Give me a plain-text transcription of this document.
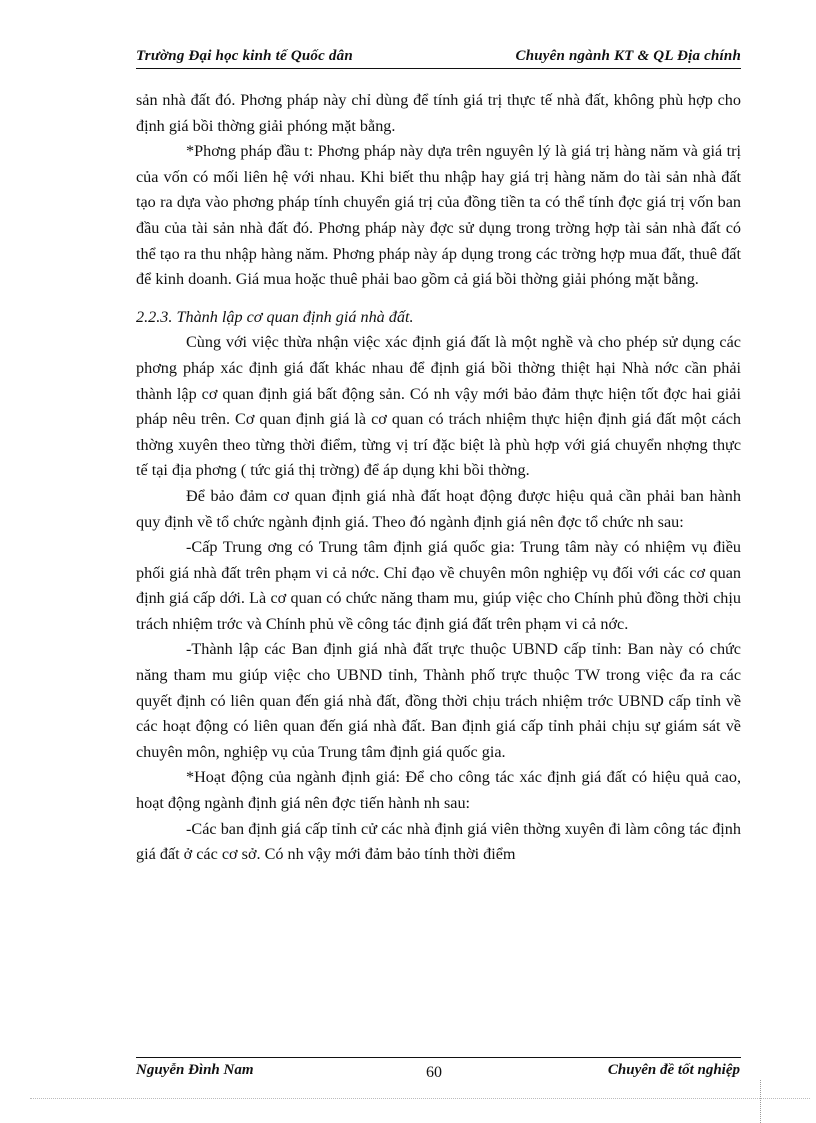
Trường Đại học kinh tế Quốc dân	Chuyên ngành KT & QL Địa chính

sản nhà đất đó. Phơng pháp này chỉ dùng để tính giá trị thực tế nhà đất, không phù hợp cho định giá bồi thờng giải phóng mặt bằng.

*Phơng pháp đầu t: Phơng pháp này dựa trên nguyên lý là giá trị hàng năm và giá trị của vốn có mối liên hệ với nhau. Khi biết thu nhập hay giá trị hàng năm do tài sản nhà đất tạo ra dựa vào phơng pháp tính chuyển giá trị của đồng tiền ta có thể tính đợc giá trị vốn ban đầu của tài sản nhà đất đó. Phơng pháp này đợc sử dụng trong trờng hợp tài sản nhà đất có thể tạo ra thu nhập hàng năm. Phơng pháp này áp dụng trong các trờng hợp mua đất, thuê đất để kinh doanh. Giá mua hoặc thuê phải bao gồm cả giá bồi thờng giải phóng mặt bằng.

2.2.3. Thành lập cơ quan định giá nhà đất.

Cùng với việc thừa nhận việc xác định giá đất là một nghề và cho phép sử dụng các phơng pháp xác định giá đất khác nhau để định giá bồi thờng thiệt hại Nhà nớc cần phải thành lập cơ quan định giá bất động sản. Có nh vậy mới bảo đảm thực hiện tốt đợc hai giải pháp nêu trên. Cơ quan định giá là cơ quan có trách nhiệm thực hiện định giá đất một cách thờng xuyên theo từng thời điểm, từng vị trí đặc biệt là phù hợp với giá chuyển nhợng thực tế tại địa phơng ( tức giá thị trờng) để áp dụng khi bồi thờng.

Để bảo đảm cơ quan định giá nhà đất hoạt động được hiệu quả cần phải ban hành quy định về tổ chức ngành định giá. Theo đó ngành định giá nên đợc tổ chức nh sau:

-Cấp Trung ơng có Trung tâm định giá quốc gia: Trung tâm này có nhiệm vụ điều phối giá nhà đất trên phạm vi cả nớc. Chỉ đạo về chuyên môn nghiệp vụ đối với các cơ quan định giá cấp dới. Là cơ quan có chức năng tham mu, giúp việc cho Chính phủ đồng thời chịu trách nhiệm trớc và Chính phủ về công tác định giá đất trên phạm vi cả nớc.

-Thành lập các Ban định giá nhà đất trực thuộc UBND cấp tỉnh: Ban này có chức năng tham mu giúp việc cho UBND tỉnh, Thành phố trực thuộc TW trong việc đa ra các quyết định có liên quan đến giá nhà đất, đồng thời chịu trách nhiệm trớc UBND cấp tỉnh về các hoạt động có liên quan đến giá nhà đất. Ban định giá cấp tỉnh phải chịu sự giám sát về chuyên môn, nghiệp vụ của Trung tâm định giá quốc gia.

*Hoạt động của ngành định giá: Để cho công tác xác định giá đất có hiệu quả cao, hoạt động ngành định giá nên đợc tiến hành nh sau:

-Các ban định giá cấp tỉnh cử các nhà định giá viên thờng xuyên đi làm công tác định giá đất ở các cơ sở. Có nh vậy mới đảm bảo tính thời điểm

Nguyễn Đình Nam	60	Chuyên đề tốt nghiệp
